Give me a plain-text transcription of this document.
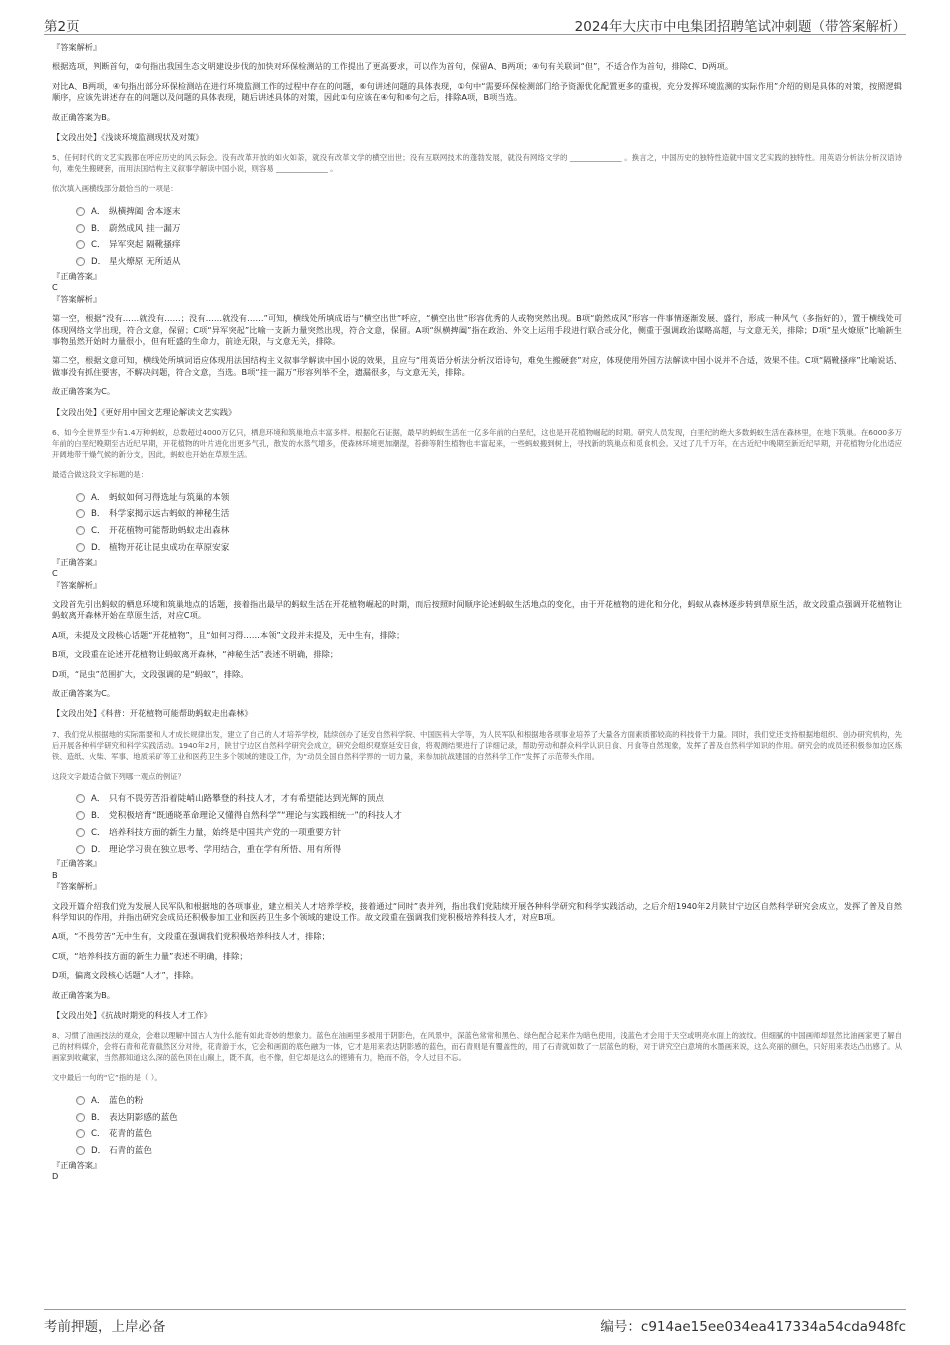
第2页	2024年大庆市中电集团招聘笔试冲刺题（带答案解析）

『答案解析』

根据选项，判断首句，②句指出我国生态文明建设步伐的加快对环保检测站的工作提出了更高要求，可以作为首句，保留A、B两项；④句有关联词“但”，不适合作为首句，排除C、D两项。

对比A、B两项，④句指出部分环保检测站在进行环境监测工作的过程中存在的问题，⑥句讲述问题的具体表现，①句中“需要环保检测部门给予资源优化配置更多的重视，充分发挥环境监测的实际作用”介绍的则是具体的对策，按照逻辑顺序，应该先讲述存在的问题以及问题的具体表现，随后讲述具体的对策，因此①句应该在④句和⑥句之后，排除A项，B项当选。

故正确答案为B。

【文段出处】《浅谈环境监测现状及对策》

5、任何时代的文艺实践都在呼应历史的风云际会。没有改革开放的如火如荼，就没有改革文学的横空出世；没有互联网技术的蓬勃发展，就没有网络文学的 ______________ 。换言之，中国历史的独特性造就中国文艺实践的独特性。用英语分析法分析汉语诗句，难免生搬硬套，而用法国结构主义叙事学解读中国小说，则容易 ______________ 。

依次填入画横线部分最恰当的一项是：

A． 纵横捭阖 舍本逐末
B． 蔚然成风 挂一漏万
C． 异军突起 隔靴搔痒
D． 星火燎原 无所适从

『正确答案』

C

『答案解析』

第一空，根据“没有……就没有……；没有……就没有……”可知，横线处所填成语与“横空出世”呼应，“横空出世”形容优秀的人或物突然出现。B项“蔚然成风”形容一件事情逐渐发展、盛行，形成一种风气（多指好的），置于横线处可体现网络文学出现，符合文意，保留；C项“异军突起”比喻一支新力量突然出现，符合文意，保留。A项“纵横捭阖”指在政治、外交上运用手段进行联合或分化，侧重于强调政治谋略高超，与文意无关，排除；D项“星火燎原”比喻新生事物虽然开始时力量很小，但有旺盛的生命力，前途无限，与文意无关，排除。

第二空，根据文意可知，横线处所填词语应体现用法国结构主义叙事学解读中国小说的效果，且应与“用英语分析法分析汉语诗句，难免生搬硬套”对应，体现使用外国方法解读中国小说并不合适，效果不佳。C项“隔靴搔痒”比喻说话、做事没有抓住要害，不解决问题，符合文意，当选。B项“挂一漏万”形容列举不全，遗漏很多，与文意无关，排除。

故正确答案为C。

【文段出处】《更好用中国文艺理论解读文艺实践》

6、如今全世界至少有1.4万种蚂蚁，总数超过4000万亿只，栖息环境和筑巢地点丰富多样。根据化石证据，最早的蚂蚁生活在一亿多年前的白垩纪，这也是开花植物崛起的时期。研究人员发现，白垩纪的绝大多数蚂蚁生活在森林里，在地下筑巢。在6000多万年前的白垩纪晚期至古近纪早期，开花植物的叶片进化出更多气孔，散发的水蒸气增多，使森林环境更加潮湿，苔藓等附生植物也丰富起来，一些蚂蚁搬到树上，寻找新的筑巢点和觅食机会。又过了几千万年，在古近纪中晚期至新近纪早期，开花植物分化出适应开阔地带干燥气候的新分支，因此，蚂蚁也开始在草原生活。

最适合做这段文字标题的是：

A． 蚂蚁如何习得选址与筑巢的本领
B． 科学家揭示远古蚂蚁的神秘生活
C． 开花植物可能帮助蚂蚁走出森林
D． 植物开花让昆虫成功在草原安家

『正确答案』

C

『答案解析』

文段首先引出蚂蚁的栖息环境和筑巢地点的话题，接着指出最早的蚂蚁生活在开花植物崛起的时期，而后按照时间顺序论述蚂蚁生活地点的变化，由于开花植物的进化和分化，蚂蚁从森林逐步转到草原生活，故文段重点强调开花植物让蚂蚁离开森林开始在草原生活，对应C项。

A项，未提及文段核心话题“开花植物”，且“如何习得……本领”文段并未提及，无中生有，排除；

B项，文段重在论述开花植物让蚂蚁离开森林，“神秘生活”表述不明确，排除；

D项，“昆虫”范围扩大，文段强调的是“蚂蚁”，排除。

故正确答案为C。

【文段出处】《科普：开花植物可能帮助蚂蚁走出森林》

7、我们党从根据地的实际需要和人才成长规律出发，建立了自己的人才培养学校，陆续创办了延安自然科学院、中国医科大学等，为人民军队和根据地各项事业培养了大量各方面素质都较高的科技骨干力量。同时，我们党还支持根据地组织、创办研究机构，先后开展各种科学研究和科学实践活动。1940年2月，陕甘宁边区自然科学研究会成立，研究会组织观察延安日食，将观测结果进行了详细记录，帮助劳动和群众科学认识日食、月食等自然现象，发挥了普及自然科学知识的作用。研究会的成员还积极参加边区炼铁、造纸、火柴、军事、地质采矿等工业和医药卫生多个领域的建设工作，为“动员全国自然科学界的一切力量，来参加抗战建国的自然科学工作”发挥了示范带头作用。

这段文字最适合做下列哪一观点的例证？

A． 只有不畏劳苦沿着陡峭山路攀登的科技人才，才有希望能达到光辉的顶点
B． 党积极培育“既通晓革命理论又懂得自然科学”“理论与实践相统一”的科技人才
C． 培养科技方面的新生力量，始终是中国共产党的一项重要方针
D． 理论学习贵在独立思考、学用结合，重在学有所悟、用有所得

『正确答案』

B

『答案解析』

文段开篇介绍我们党为发展人民军队和根据地的各项事业，建立相关人才培养学校，接着通过“同时”表并列，指出我们党陆续开展各种科学研究和科学实践活动，之后介绍1940年2月陕甘宁边区自然科学研究会成立，发挥了普及自然科学知识的作用，并指出研究会成员还积极参加工业和医药卫生多个领域的建设工作。故文段重在强调我们党积极培养科技人才，对应B项。

A项，“不畏劳苦”无中生有，文段重在强调我们党积极培养科技人才，排除；

C项，“培养科技方面的新生力量”表述不明确，排除；

D项，偏离文段核心话题“人才”，排除。

故正确答案为B。

【文段出处】《抗战时期党的科技人才工作》

8、习惯了油画技法的观众，会难以理解中国古人为什么能有如此奇妙的想象力。蓝色在油画里多被用于阴影色，在风景中，深蓝色常常和黑色、绿色配合起来作为暗色使用，浅蓝色才会用于天空或明亮水面上的波纹。但细腻的中国画师却显然比油画家更了解自己的材料媒介，会将石青和花青截然区分对待，花青游于水，它会和画面的底色融为一体，它才是用来表达阴影感的蓝色，而石青则是有覆盖性的，用了石青就如数了一层蓝色的粉，对于讲究空白意境的水墨画来说，这么亮丽的颜色，只好用来表达凸出感了。从画家到收藏家，当然都知道这么深的蓝色顶在山巅上，既不真，也不像，但它却是这么的铿锵有力，艳而不俗，令人过目不忘。

文中最后一句的“它”指的是（ ）。

A． 蓝色的粉
B． 表达阴影感的蓝色
C． 花青的蓝色
D． 石青的蓝色

『正确答案』

D

考前押题，上岸必备	编号：c914ae15ee034ea417334a54cda948fc
